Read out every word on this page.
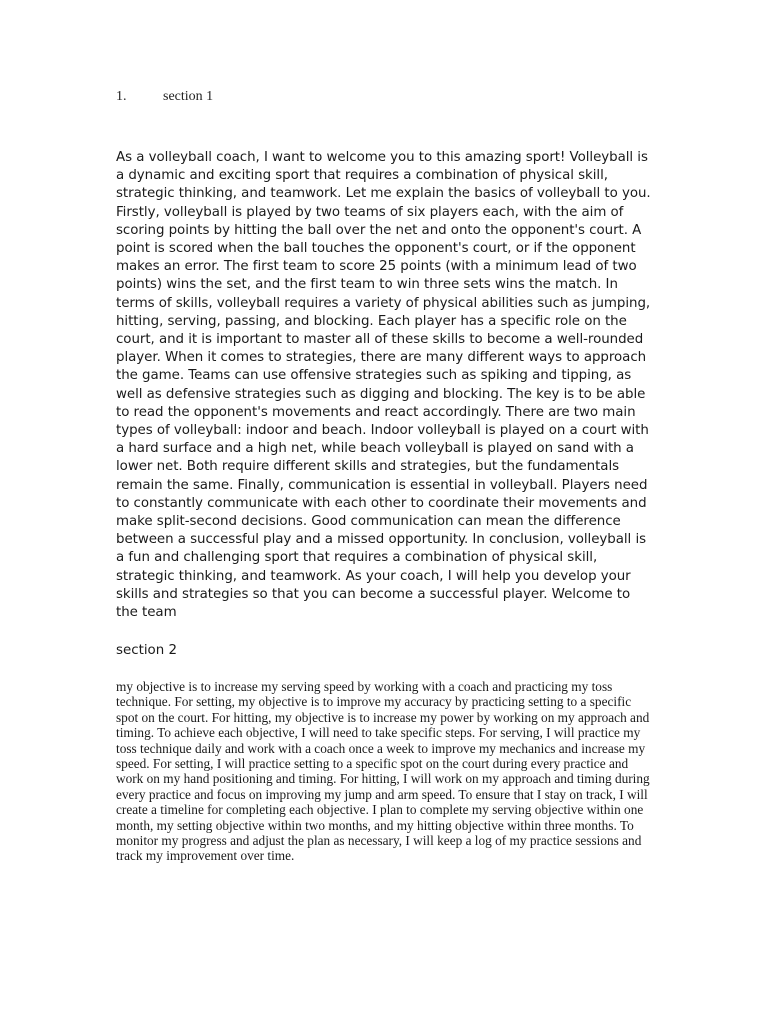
1.	section 1

As a volleyball coach, I want to welcome you to this amazing sport! Volleyball is a dynamic and exciting sport that requires a combination of physical skill, strategic thinking, and teamwork. Let me explain the basics of volleyball to you. Firstly, volleyball is played by two teams of six players each, with the aim of scoring points by hitting the ball over the net and onto the opponent's court. A point is scored when the ball touches the opponent's court, or if the opponent makes an error. The first team to score 25 points (with a minimum lead of two points) wins the set, and the first team to win three sets wins the match. In terms of skills, volleyball requires a variety of physical abilities such as jumping, hitting, serving, passing, and blocking. Each player has a specific role on the court, and it is important to master all of these skills to become a well-rounded player. When it comes to strategies, there are many different ways to approach the game. Teams can use offensive strategies such as spiking and tipping, as well as defensive strategies such as digging and blocking. The key is to be able to read the opponent's movements and react accordingly. There are two main types of volleyball: indoor and beach. Indoor volleyball is played on a court with a hard surface and a high net, while beach volleyball is played on sand with a lower net. Both require different skills and strategies, but the fundamentals remain the same. Finally, communication is essential in volleyball. Players need to constantly communicate with each other to coordinate their movements and make split-second decisions. Good communication can mean the difference between a successful play and a missed opportunity. In conclusion, volleyball is a fun and challenging sport that requires a combination of physical skill, strategic thinking, and teamwork. As your coach, I will help you develop your skills and strategies so that you can become a successful player. Welcome to the team

section 2

my objective is to increase my serving speed by working with a coach and practicing my toss technique. For setting, my objective is to improve my accuracy by practicing setting to a specific spot on the court. For hitting, my objective is to increase my power by working on my approach and timing. To achieve each objective, I will need to take specific steps. For serving, I will practice my toss technique daily and work with a coach once a week to improve my mechanics and increase my speed. For setting, I will practice setting to a specific spot on the court during every practice and work on my hand positioning and timing. For hitting, I will work on my approach and timing during every practice and focus on improving my jump and arm speed. To ensure that I stay on track, I will create a timeline for completing each objective. I plan to complete my serving objective within one month, my setting objective within two months, and my hitting objective within three months. To monitor my progress and adjust the plan as necessary, I will keep a log of my practice sessions and track my improvement over time.
